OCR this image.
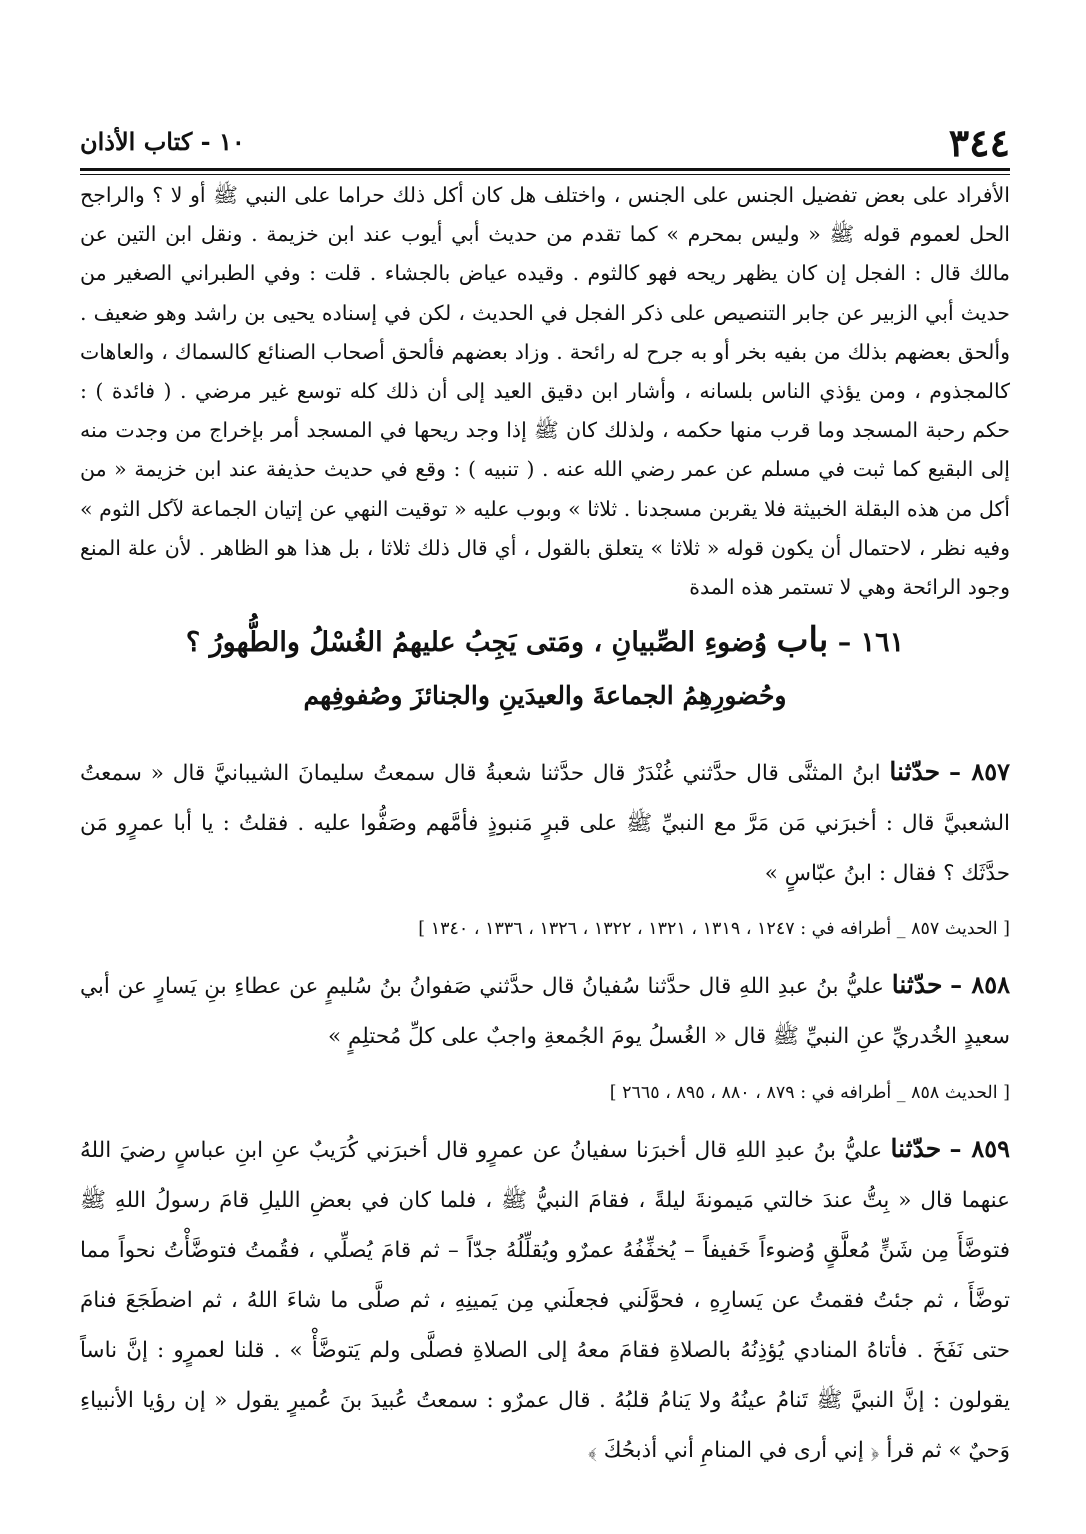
٣٤٤
١٠ - كتاب الأذان

الأفراد على بعض تفضيل الجنس على الجنس ، واختلف هل كان أكل ذلك حراما على النبي ﷺ أو لا ؟ والراجح الحل لعموم قوله ﷺ « وليس بمحرم » كما تقدم من حديث أبي أيوب عند ابن خزيمة . ونقل ابن التين عن مالك قال : الفجل إن كان يظهر ريحه فهو كالثوم . وقيده عياض بالجشاء . قلت : وفي الطبراني الصغير من حديث أبي الزبير عن جابر التنصيص على ذكر الفجل في الحديث ، لكن في إسناده يحيى بن راشد وهو ضعيف . وألحق بعضهم بذلك من بفيه بخر أو به جرح له رائحة . وزاد بعضهم فألحق أصحاب الصنائع كالسماك ، والعاهات كالمجذوم ، ومن يؤذي الناس بلسانه ، وأشار ابن دقيق العيد إلى أن ذلك كله توسع غير مرضي . ( فائدة ) : حكم رحبة المسجد وما قرب منها حكمه ، ولذلك كان ﷺ إذا وجد ريحها في المسجد أمر بإخراج من وجدت منه إلى البقيع كما ثبت في مسلم عن عمر رضي الله عنه . ( تنبيه ) : وقع في حديث حذيفة عند ابن خزيمة « من أكل من هذه البقلة الخبيثة فلا يقربن مسجدنا . ثلاثا » وبوب عليه « توقيت النهي عن إتيان الجماعة لآكل الثوم » وفيه نظر ، لاحتمال أن يكون قوله « ثلاثا » يتعلق بالقول ، أي قال ذلك ثلاثا ، بل هذا هو الظاهر . لأن علة المنع وجود الرائحة وهي لا تستمر هذه المدة

١٦١ – باب وُضوءِ الصِّبيانِ ، ومَتى يَجِبُ عليهمُ الغُسْلُ والطُّهورُ ؟
وحُضورِهِمُ الجماعةَ والعيدَينِ والجنائزَ وصُفوفِهم

٨٥٧ – حدّثنا ابنُ المثنَّى قال حدَّثني غُنْدَرٌ قال حدَّثنا شعبةُ قال سمعتُ سليمانَ الشيبانيَّ قال « سمعتُ الشعبيَّ قال : أخبرَني مَن مَرَّ مع النبيِّ ﷺ على قبرٍ مَنبوذٍ فأمَّهم وصَفُّوا عليه . فقلتُ : يا أبا عمرٍو مَن حدَّثَك ؟ فقال : ابنُ عبّاسٍ »

[ الحديث ٨٥٧ _ أطرافه في : ١٢٤٧ ، ١٣١٩ ، ١٣٢١ ، ١٣٢٢ ، ١٣٢٦ ، ١٣٣٦ ، ١٣٤٠ ]

٨٥٨ – حدّثنا عليُّ بنُ عبدِ اللهِ قال حدَّثنا سُفيانُ قال حدَّثني صَفوانُ بنُ سُليمٍ عن عطاءِ بنِ يَسارٍ عن أبي سعيدٍ الخُدريِّ عنِ النبيِّ ﷺ قال « الغُسلُ يومَ الجُمعةِ واجبٌ على كلِّ مُحتلِمٍ »

[ الحديث ٨٥٨ _ أطرافه في : ٨٧٩ ، ٨٨٠ ، ٨٩٥ ، ٢٦٦٥ ]

٨٥٩ – حدّثنا عليُّ بنُ عبدِ اللهِ قال أخبرَنا سفيانُ عن عمرٍو قال أخبرَني كُرَيبٌ عنِ ابنِ عباسٍ رضيَ اللهُ عنهما قال « بِتُّ عندَ خالتي مَيمونةَ ليلةً ، فقامَ النبيُّ ﷺ ، فلما كان في بعضِ الليلِ قامَ رسولُ اللهِ ﷺ فتوضَّأَ مِن شَنٍّ مُعلَّقٍ وُضوءاً خَفيفاً – يُخفِّفُهُ عمرٌو ويُقلِّلُهُ جدّاً – ثم قامَ يُصلِّي ، فقُمتُ فتوضَّأْتُ نحواً مما توضَّأَ ، ثم جئتُ فقمتُ عن يَسارِهِ ، فحوَّلَني فجعلَني مِن يَمينِهِ ، ثم صلَّى ما شاءَ اللهُ ، ثم اضطَجَعَ فنامَ حتى نَفَخَ . فأتاهُ المنادي يُؤذِنُهُ بالصلاةِ فقامَ معهُ إلى الصلاةِ فصلَّى ولم يَتوضَّأْ » . قلنا لعمرٍو : إنَّ ناساً يقولون : إنَّ النبيَّ ﷺ تَنامُ عينُهُ ولا يَنامُ قلبُهُ . قال عمرٌو : سمعتُ عُبيدَ بنَ عُميرٍ يقول « إن رؤيا الأنبياءِ وَحيٌ » ثم قرأ ﴿ إني أرى في المنامِ أني أذبحُكَ ﴾
